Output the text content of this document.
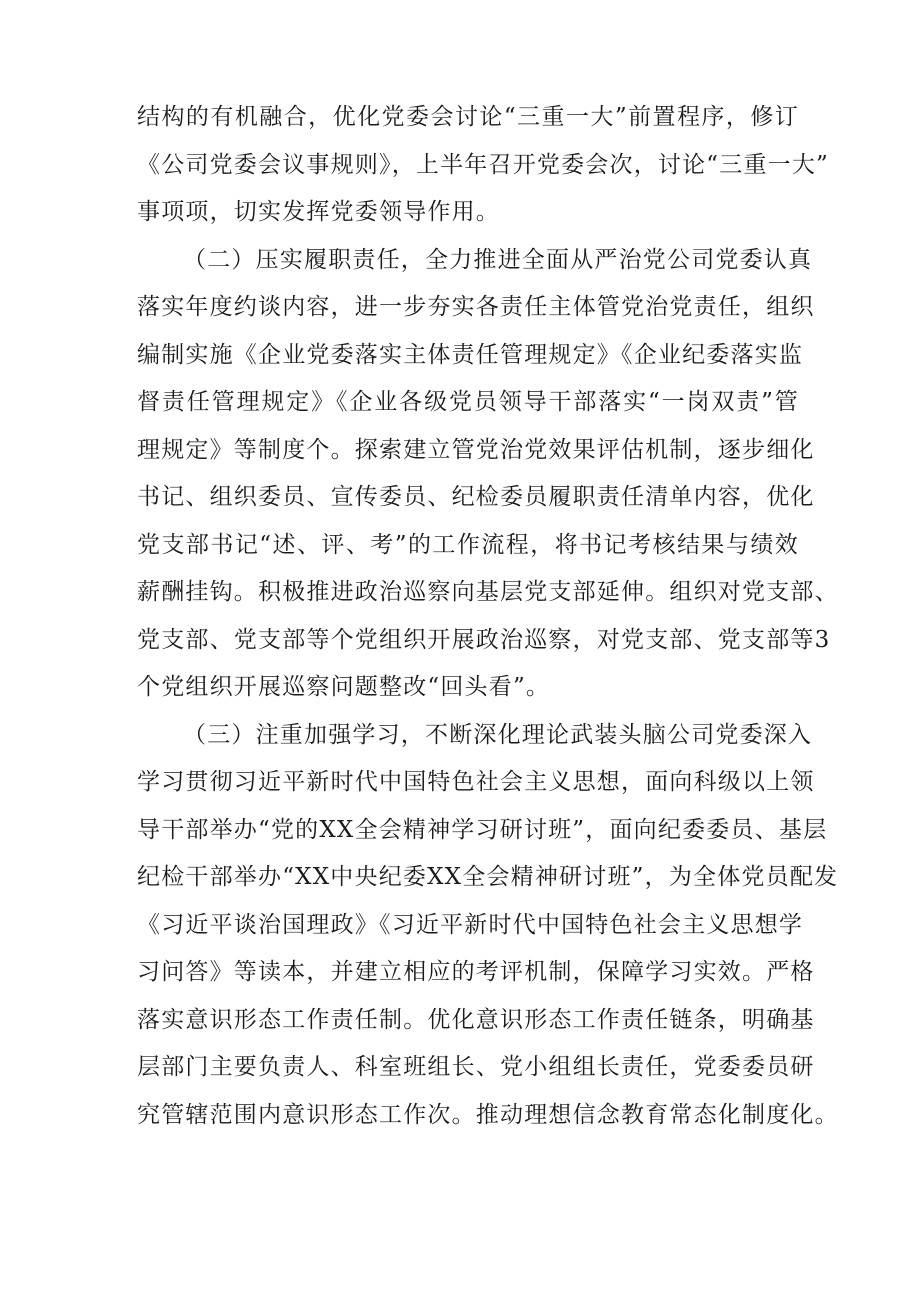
结构的有机融合，优化党委会讨论“三重一大”前置程序，修订
《公司党委会议事规则》，上半年召开党委会次，讨论“三重一大”
事项项，切实发挥党委领导作用。
（二）压实履职责任，全力推进全面从严治党公司党委认真
落实年度约谈内容，进一步夯实各责任主体管党治党责任，组织
编制实施《企业党委落实主体责任管理规定》《企业纪委落实监
督责任管理规定》《企业各级党员领导干部落实“一岗双责”管
理规定》等制度个。探索建立管党治党效果评估机制，逐步细化
书记、组织委员、宣传委员、纪检委员履职责任清单内容，优化
党支部书记“述、评、考”的工作流程，将书记考核结果与绩效
薪酬挂钩。积极推进政治巡察向基层党支部延伸。组织对党支部、
党支部、党支部等个党组织开展政治巡察，对党支部、党支部等3
个党组织开展巡察问题整改“回头看”。
（三）注重加强学习，不断深化理论武装头脑公司党委深入
学习贯彻习近平新时代中国特色社会主义思想，面向科级以上领
导干部举办“党的XX全会精神学习研讨班”，面向纪委委员、基层
纪检干部举办“XX中央纪委XX全会精神研讨班”，为全体党员配发
《习近平谈治国理政》《习近平新时代中国特色社会主义思想学
习问答》等读本，并建立相应的考评机制，保障学习实效。严格
落实意识形态工作责任制。优化意识形态工作责任链条，明确基
层部门主要负责人、科室班组长、党小组组长责任，党委委员研
究管辖范围内意识形态工作次。推动理想信念教育常态化制度化。
